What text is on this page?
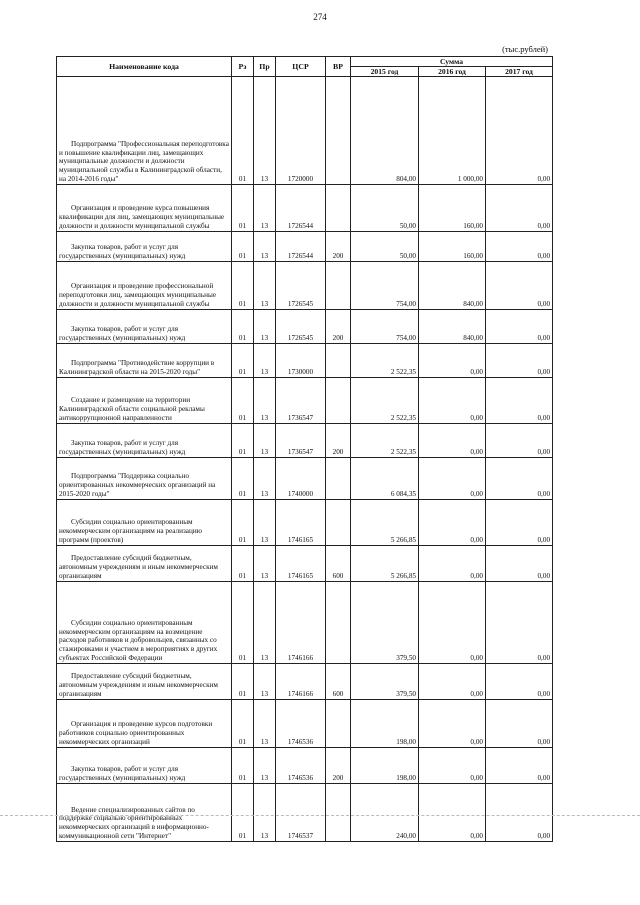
274
(тыс.рублей)
Наименование кода	Рз	Пр	ЦСР	ВР	Сумма		
					2015 год	2016 год	2017 год

Подпрограмма "Профессиональная переподготовка и повышение квалификации лиц, замещающих муниципальные должности и должности муниципальной службы в Калининградской области, на 2014-2016 годы"	01	13	1720000		804,00	1 000,00	0,00

Организация и проведение курса повышения квалификации для лиц, замещающих муниципальные должности и должности муниципальной службы	01	13	1726544		50,00	160,00	0,00

Закупка товаров, работ и услуг для государственных (муниципальных) нужд	01	13	1726544	200	50,00	160,00	0,00

Организация и проведение профессиональной переподготовки лиц, замещающих муниципальные должности и должности муниципальной службы	01	13	1726545		754,00	840,00	0,00

Закупка товаров, работ и услуг для государственных (муниципальных) нужд	01	13	1726545	200	754,00	840,00	0,00

Подпрограмма "Противодействие коррупции в Калининградской области на 2015-2020 годы"	01	13	1730000		2 522,35	0,00	0,00

Создание и размещение на территории Калининградской области социальной рекламы антикоррупционной направленности	01	13	1736547		2 522,35	0,00	0,00

Закупка товаров, работ и услуг для государственных (муниципальных) нужд	01	13	1736547	200	2 522,35	0,00	0,00

Подпрограмма "Поддержка социально ориентированных некоммерческих организаций на 2015-2020 годы"	01	13	1740000		6 084,35	0,00	0,00

Субсидии социально ориентированным некоммерческим организациям на реализацию программ (проектов)	01	13	1746165		5 266,85	0,00	0,00

Предоставление субсидий бюджетным, автономным учреждениям и иным некоммерческим организациям	01	13	1746165	600	5 266,85	0,00	0,00

Субсидии социально ориентированным некоммерческим организациям на возмещение расходов работников и добровольцев, связанных со стажировками и участием в мероприятиях в других субъектах Российской Федерации	01	13	1746166		379,50	0,00	0,00

Предоставление субсидий бюджетным, автономным учреждениям и иным некоммерческим организациям	01	13	1746166	600	379,50	0,00	0,00

Организация и проведение курсов подготовки работников социально ориентированных некоммерческих организаций	01	13	1746536		198,00	0,00	0,00

Закупка товаров, работ и услуг для государственных (муниципальных) нужд	01	13	1746536	200	198,00	0,00	0,00

Ведение специализированных сайтов по поддержке социально ориентированных некоммерческих организаций в информационно-коммуникационной сети "Интернет"	01	13	1746537		240,00	0,00	0,00
